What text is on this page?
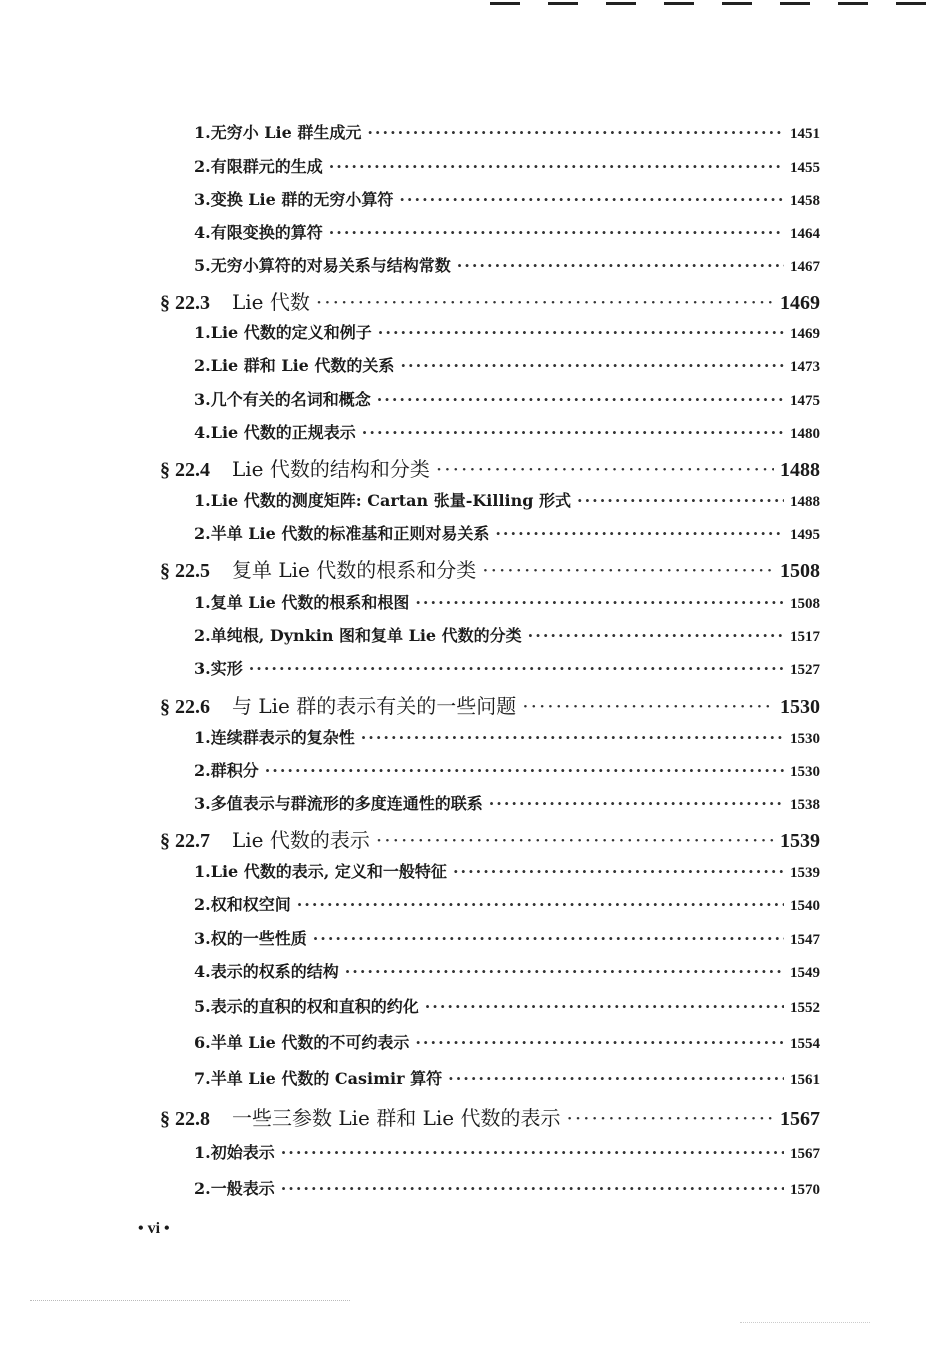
1.无穷小 Lie 群生成元 ·····	1451
2.有限群元的生成 ·····	1455
3.变换 Lie 群的无穷小算符 ·····	1458
4.有限变换的算符 ·····	1464
5.无穷小算符的对易关系与结构常数 ·····	1467
§ 22.3 Lie 代数 ·····	1469
1.Lie 代数的定义和例子 ·····	1469
2.Lie 群和 Lie 代数的关系 ·····	1473
3.几个有关的名词和概念 ·····	1475
4.Lie 代数的正规表示 ·····	1480
§ 22.4 Lie 代数的结构和分类 ·····	1488
1.Lie 代数的测度矩阵: Cartan 张量-Killing 形式 ·····	1488
2.半单 Lie 代数的标准基和正则对易关系 ·····	1495
§ 22.5 复单 Lie 代数的根系和分类 ·····	1508
1.复单 Lie 代数的根系和根图 ·····	1508
2.单纯根, Dynkin 图和复单 Lie 代数的分类 ·····	1517
3.实形 ·····	1527
§ 22.6 与 Lie 群的表示有关的一些问题 ·····	1530
1.连续群表示的复杂性 ·····	1530
2.群积分 ·····	1530
3.多值表示与群流形的多度连通性的联系 ·····	1538
§ 22.7 Lie 代数的表示 ·····	1539
1.Lie 代数的表示, 定义和一般特征 ·····	1539
2.权和权空间 ·····	1540
3.权的一些性质 ·····	1547
4.表示的权系的结构 ·····	1549
5.表示的直积的权和直积的约化 ·····	1552
6.半单 Lie 代数的不可约表示 ·····	1554
7.半单 Lie 代数的 Casimir 算符 ·····	1561
§ 22.8 一些三参数 Lie 群和 Lie 代数的表示 ·····	1567
1.初始表示 ·····	1567
2.一般表示 ·····	1570
• vi •
